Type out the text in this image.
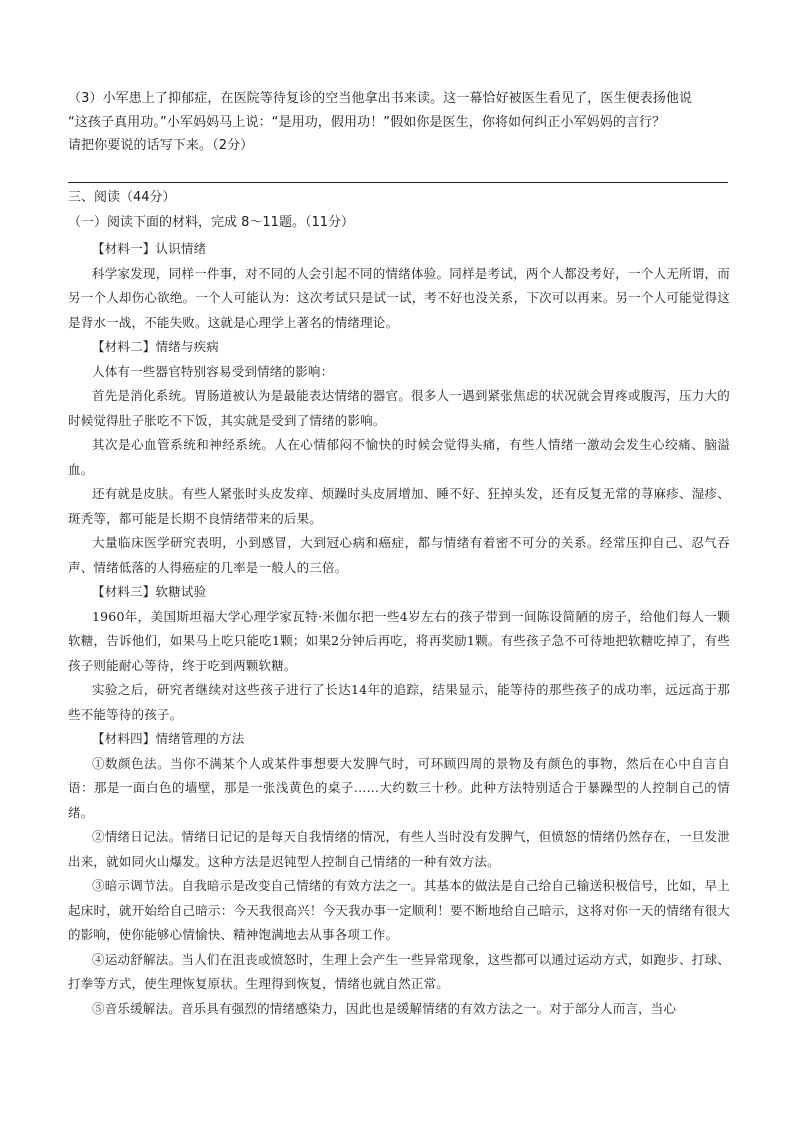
（3）小军患上了抑郁症，在医院等待复诊的空当他拿出书来读。这一幕恰好被医生看见了，医生便表扬他说

“这孩子真用功。”小军妈妈马上说：“是用功，假用功！”假如你是医生，你将如何纠正小军妈妈的言行？

请把你要说的话写下来。（2分）

三、阅读（44分）
（一）阅读下面的材料，完成 8～11题。（11分）

【材料一】认识情绪

科学家发现，同样一件事，对不同的人会引起不同的情绪体验。同样是考试，两个人都没考好，一个人无所谓，而另一个人却伤心欲绝。一个人可能认为：这次考试只是试一试，考不好也没关系，下次可以再来。另一个人可能觉得这是背水一战，不能失败。这就是心理学上著名的情绪理论。

【材料二】情绪与疾病

人体有一些器官特别容易受到情绪的影响：

首先是消化系统。胃肠道被认为是最能表达情绪的器官。很多人一遇到紧张焦虑的状况就会胃疼或腹泻，压力大的时候觉得肚子胀吃不下饭，其实就是受到了情绪的影响。

其次是心血管系统和神经系统。人在心情郁闷不愉快的时候会觉得头痛，有些人情绪一激动会发生心绞痛、脑溢血。

还有就是皮肤。有些人紧张时头皮发痒、烦躁时头皮屑增加、睡不好、狂掉头发，还有反复无常的荨麻疹、湿疹、斑秃等，都可能是长期不良情绪带来的后果。

大量临床医学研究表明，小到感冒，大到冠心病和癌症，都与情绪有着密不可分的关系。经常压抑自己、忍气吞声、情绪低落的人得癌症的几率是一般人的三倍。

【材料三】软糖试验

1960年，美国斯坦福大学心理学家瓦特·米伽尔把一些4岁左右的孩子带到一间陈设简陋的房子，给他们每人一颗软糖，告诉他们，如果马上吃只能吃1颗；如果2分钟后再吃，将再奖励1颗。有些孩子急不可待地把软糖吃掉了，有些孩子则能耐心等待，终于吃到两颗软糖。

实验之后，研究者继续对这些孩子进行了长达14年的追踪，结果显示，能等待的那些孩子的成功率，远远高于那些不能等待的孩子。

【材料四】情绪管理的方法

①数颜色法。当你不满某个人或某件事想要大发脾气时，可环顾四周的景物及有颜色的事物，然后在心中自言自语：那是一面白色的墙壁，那是一张浅黄色的桌子……大约数三十秒。此种方法特别适合于暴躁型的人控制自己的情绪。

②情绪日记法。情绪日记记的是每天自我情绪的情况，有些人当时没有发脾气，但愤怒的情绪仍然存在，一旦发泄出来，就如同火山爆发。这种方法是迟钝型人控制自己情绪的一种有效方法。

③暗示调节法。自我暗示是改变自己情绪的有效方法之一。其基本的做法是自己给自己输送积极信号，比如，早上起床时，就开始给自己暗示：今天我很高兴！今天我办事一定顺利！要不断地给自己暗示，这将对你一天的情绪有很大的影响，使你能够心情愉快、精神饱满地去从事各项工作。

④运动舒解法。当人们在沮丧或愤怒时，生理上会产生一些异常现象，这些都可以通过运动方式，如跑步、打球、打拳等方式，使生理恢复原状。生理得到恢复，情绪也就自然正常。

⑤音乐缓解法。音乐具有强烈的情绪感染力，因此也是缓解情绪的有效方法之一。对于部分人而言，当心
